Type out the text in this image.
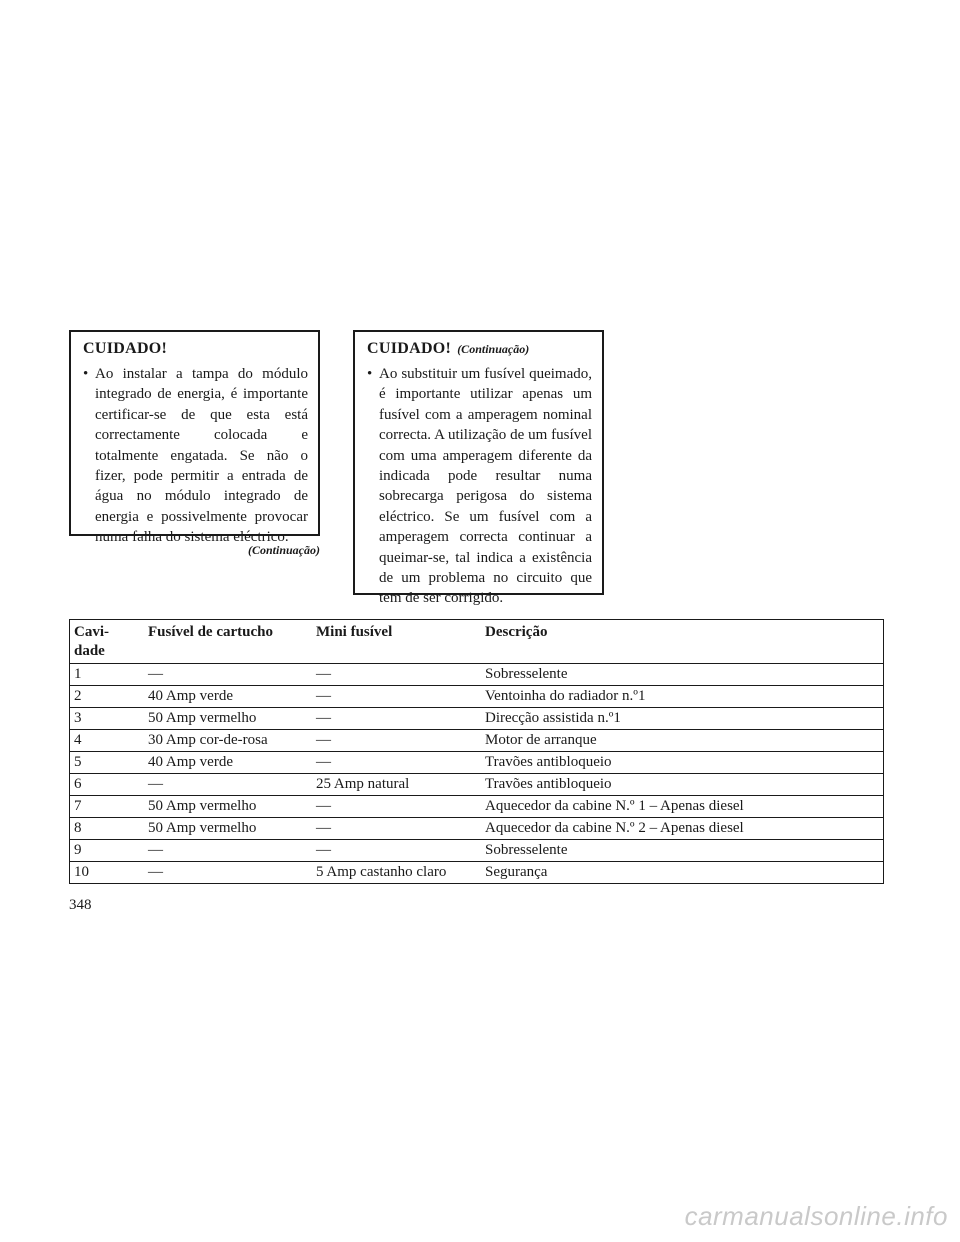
CUIDADO!
• Ao instalar a tampa do módulo integrado de energia, é importante certificar-se de que esta está correctamente colocada e totalmente engatada. Se não o fizer, pode permitir a entrada de água no módulo integrado de energia e possivelmente provocar numa falha do sistema eléctrico.
(Continuação)
CUIDADO! (Continuação)
• Ao substituir um fusível queimado, é importante utilizar apenas um fusível com a amperagem nominal correcta. A utilização de um fusível com uma amperagem diferente da indicada pode resultar numa sobrecarga perigosa do sistema eléctrico. Se um fusível com a amperagem correcta continuar a queimar-se, tal indica a existência de um problema no circuito que tem de ser corrigido.
Cavi- dade	Fusível de cartucho	Mini fusível	Descrição
1	—	—	Sobresselente
2	40 Amp verde	—	Ventoinha do radiador n.º1
3	50 Amp vermelho	—	Direcção assistida n.º1
4	30 Amp cor-de-rosa	—	Motor de arranque
5	40 Amp verde	—	Travões antibloqueio
6	—	25 Amp natural	Travões antibloqueio
7	50 Amp vermelho	—	Aquecedor da cabine N.º 1 – Apenas diesel
8	50 Amp vermelho	—	Aquecedor da cabine N.º 2 – Apenas diesel
9	—	—	Sobresselente
10	—	5 Amp castanho claro	Segurança
348
carmanualsonline.info
